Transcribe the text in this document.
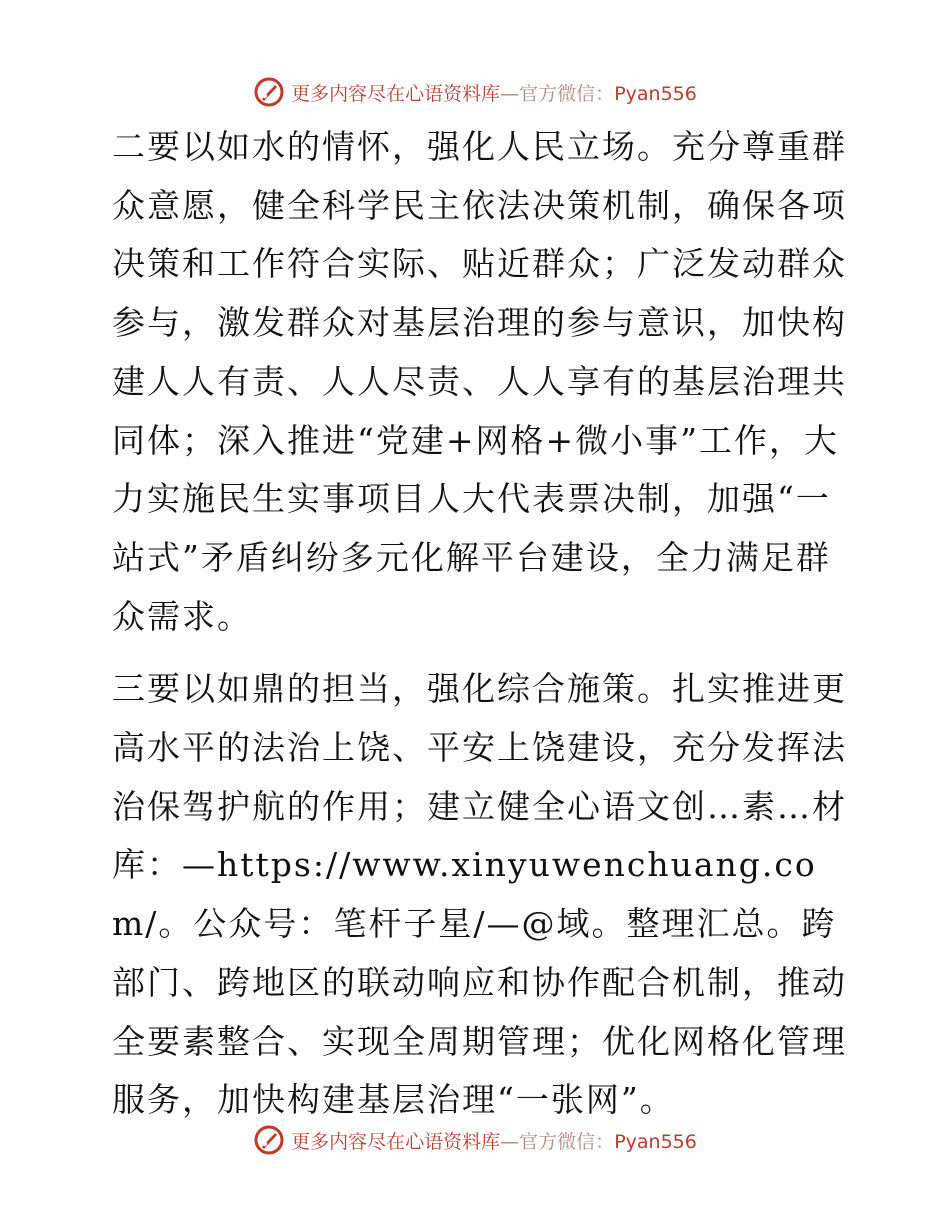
更多内容尽在心语资料库—官方微信：Pyan556

二要以如水的情怀，强化人民立场。充分尊重群众意愿，健全科学民主依法决策机制，确保各项决策和工作符合实际、贴近群众；广泛发动群众参与，激发群众对基层治理的参与意识，加快构建人人有责、人人尽责、人人享有的基层治理共同体；深入推进“党建+网格+微小事”工作，大力实施民生实事项目人大代表票决制，加强“一站式”矛盾纠纷多元化解平台建设，全力满足群众需求。

三要以如鼎的担当，强化综合施策。扎实推进更高水平的法治上饶、平安上饶建设，充分发挥法治保驾护航的作用；建立健全心语文创…素…材库：—https://www.xinyuwenchuang.com/。公众号：笔杆子星/—@域。整理汇总。跨部门、跨地区的联动响应和协作配合机制，推动全要素整合、实现全周期管理；优化网格化管理服务，加快构建基层治理“一张网”。

更多内容尽在心语资料库—官方微信：Pyan556
